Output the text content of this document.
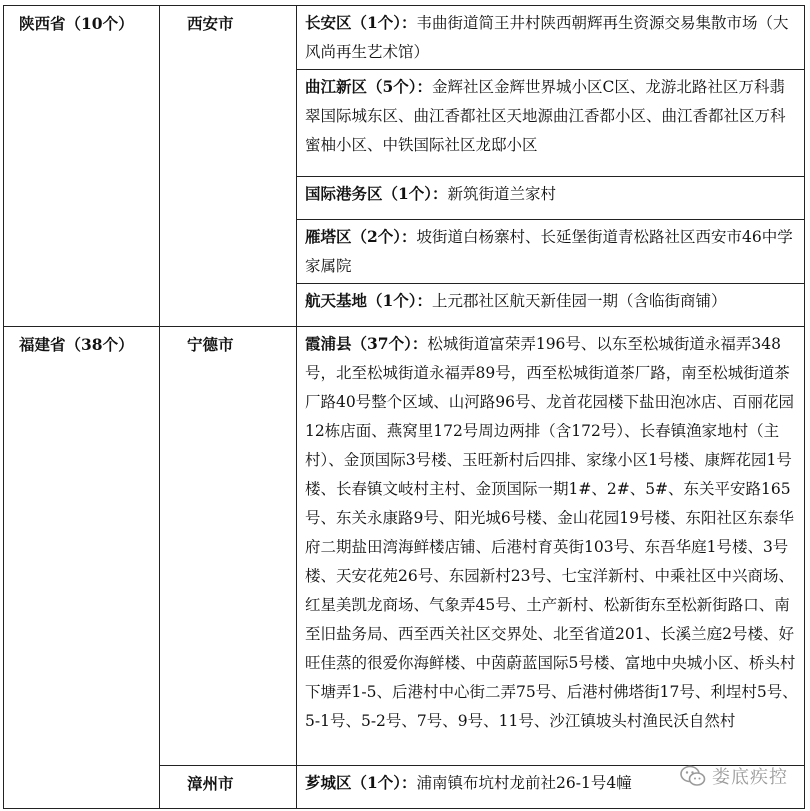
陕西省（10个）	西安市	长安区（1个）：韦曲街道简王井村陕西朝辉再生资源交易集散市场（大风尚再生艺术馆）
		曲江新区（5个）：金辉社区金辉世界城小区C区、龙游北路社区万科翡翠国际城东区、曲江香都社区天地源曲江香都小区、曲江香都社区万科蜜柚小区、中铁国际社区龙邸小区
		国际港务区（1个）：新筑街道兰家村
		雁塔区（2个）：坡街道白杨寨村、长延堡街道青松路社区西安市46中学家属院
		航天基地（1个）：上元郡社区航天新佳园一期（含临街商铺）
福建省（38个）	宁德市	霞浦县（37个）：松城街道富荣弄196号、以东至松城街道永福弄348号，北至松城街道永福弄89号，西至松城街道茶厂路，南至松城街道茶厂路40号整个区域、山河路96号、龙首花园楼下盐田泡冰店、百丽花园12栋店面、燕窝里172号周边两排（含172号）、长春镇渔家地村（主村）、金顶国际3号楼、玉旺新村后四排、家缘小区1号楼、康辉花园1号楼、长春镇文岐村主村、金顶国际一期1#、2#、5#、东关平安路165号、东关永康路9号、阳光城6号楼、金山花园19号楼、东阳社区东泰华府二期盐田湾海鲜楼店铺、后港村育英街103号、东吾华庭1号楼、3号楼、天安花苑26号、东园新村23号、七宝洋新村、中乘社区中兴商场、红星美凯龙商场、气象弄45号、土产新村、松新街东至松新街路口、南至旧盐务局、西至西关社区交界处、北至省道201、长溪兰庭2号楼、好旺佳蒸的很爱你海鲜楼、中茵蔚蓝国际5号楼、富地中央城小区、桥头村下塘弄1-5、后港村中心街二弄75号、后港村佛塔街17号、利埕村5号、5-1号、5-2号、7号、9号、11号、沙江镇坡头村渔民沃自然村
	漳州市	芗城区（1个）：浦南镇布坑村龙前社26-1号4幢	娄底疾控
